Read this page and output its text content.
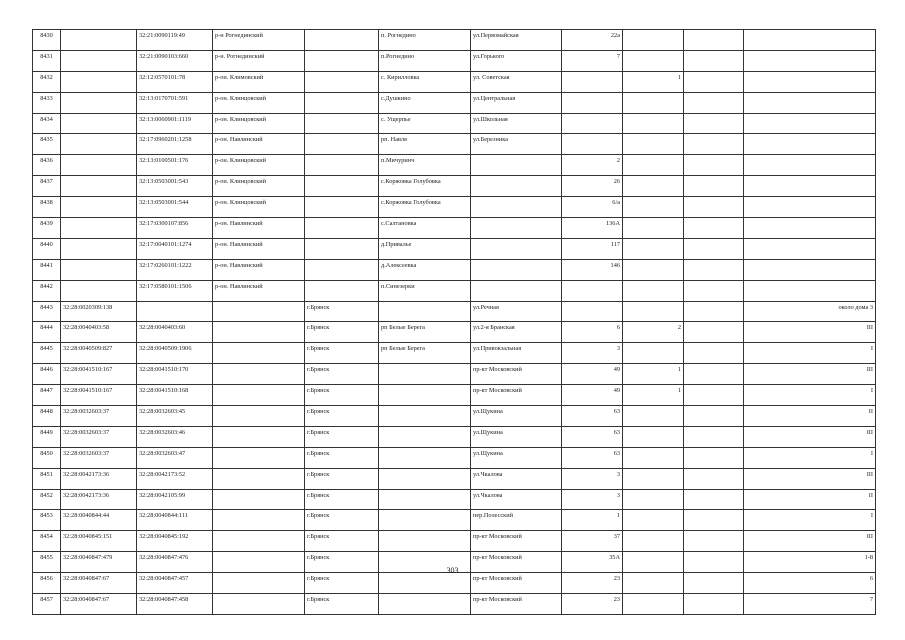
8430		32:21:0090119:49	р-н Рогнединский		п. Рогнедино	ул.Первомайская	22а			
8431		32:21:0090103:660	р-н. Рогнединский		п.Рогнедино	ул.Горького	7			
8432		32:12:0570101:78	р-он. Климовский		с. Кирилловка	ул. Советская		1		
8433		32:13:0170701:591	р-он. Клинцовский		с.Душкино	ул.Центральная				
8434		32:13:0060901:1119	р-он. Клинцовский		с. Ущерпье	ул.Школьная				
8435		32:17:0960201:1258	р-он. Навлинский		рп. Навля	ул.Березника				
8436		32:13:0100501:176	р-он. Клинцовский		п.Мичуринч		2			
8437		32:13:0503001:543	р-он. Клинцовский		с.Коржовка Голубовка		26			
8438		32:13:0503001:544	р-он. Клинцовский		с.Коржовка Голубовка		6/а			
8439		32:17:0300107:856	р-он. Навлинский		с.Салтановка		136А			
8440		32:17:0040101:1274	р-он. Навлинский		д.Привалье		117			
8441		32:17:0260101:1222	р-он. Навлинский		д.Алексеевка		146			
8442		32:17:0580101:1506	р-он. Навлинский		п.Синезерки					
8443	32:28:0020309:138			г.Брянск		ул.Речная				около дома 3
8444	32:28:0040403:58	32:28:0040403:60		г.Брянск	рп Белые Берега	ул.2-я Бранская	6	2		III
8445	32:28:0040509:827	32:28:0040509:1906		г.Брянск	рп Белые Берега	ул.Привокзальная	3			I
8446	32:28:0041510:167	32:28:0041510:170		г.Брянск		пр-кт Московский	49	1		III
8447	32:28:0041510:167	32:28:0041510:168		г.Брянск		пр-кт Московский	49	1		I
8448	32:28:0032603:37	32:28:0032603:45		г.Брянск		ул.Щукина	63			II
8449	32:28:0032603:37	32:28:0032603:46		г.Брянск		ул.Щукина	63			III
8450	32:28:0032603:37	32:28:0032603:47		г.Брянск		ул.Щукина	63			I
8451	32:28:0042173:36	32:28:0042173:52		г.Брянск		ул.Чкалова	3			III
8452	32:28:0042173:36	32:28:0042105:99		г.Брянск		ул.Чкалова	3			II
8453	32:28:0040844:44	32:28:0040844:111		г.Брянск		пер.Полесский	1			I
8454	32:28:0040845:151	32:28:0040845:192		г.Брянск		пр-кт Московский	37			III
8455	32:28:0040847:479	32:28:0040847:476		г.Брянск		пр-кт Московский	35А			1-8
8456	32:28:0040847:67	32:28:0040847:457		г.Брянск		пр-кт Московский	23			6
8457	32:28:0040847:67	32:28:0040847:458		г.Брянск		пр-кт Московский	23			7
303
